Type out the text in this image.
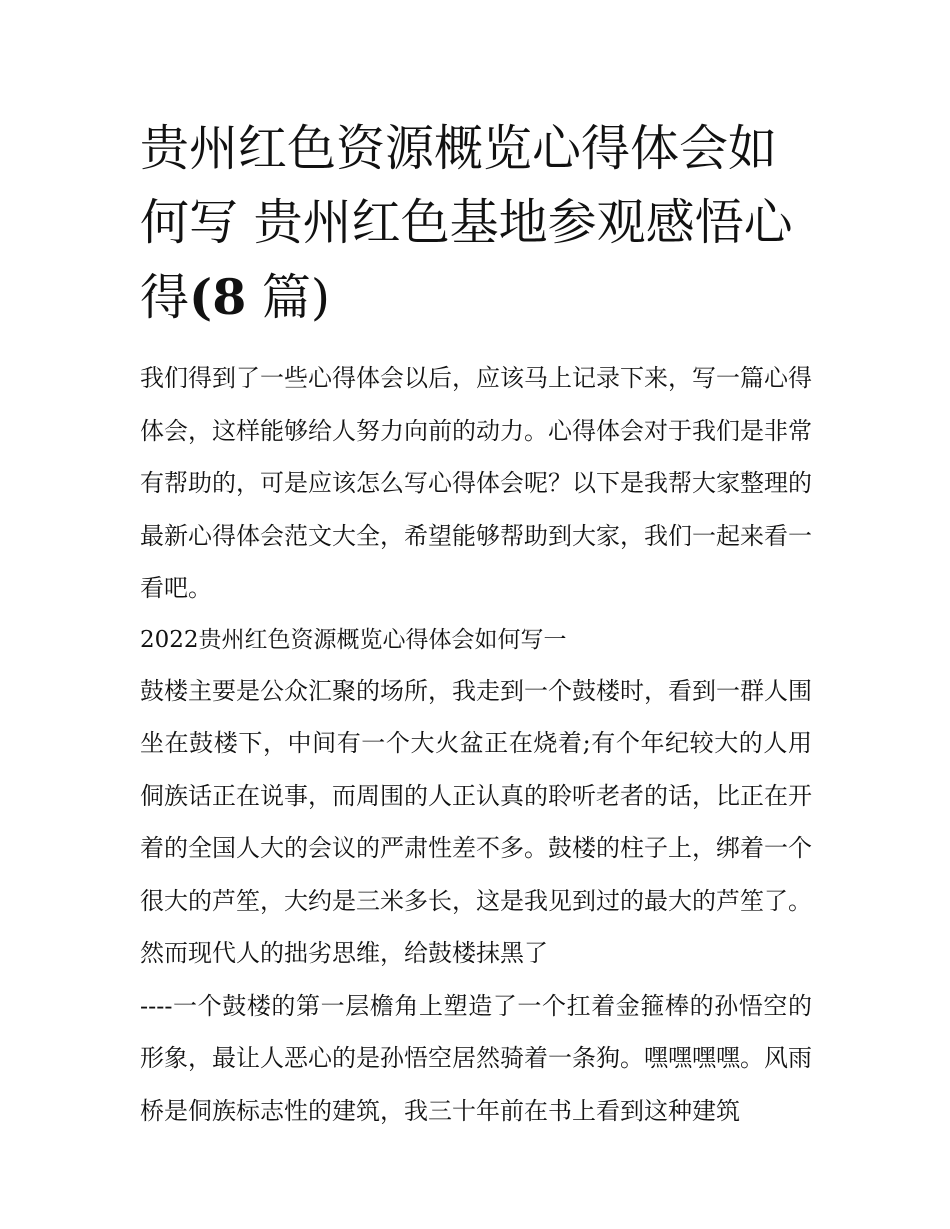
贵州红色资源概览心得体会如何写 贵州红色基地参观感悟心得(8 篇)

我们得到了一些心得体会以后，应该马上记录下来，写一篇心得体会，这样能够给人努力向前的动力。心得体会对于我们是非常有帮助的，可是应该怎么写心得体会呢？以下是我帮大家整理的最新心得体会范文大全，希望能够帮助到大家，我们一起来看一看吧。

2022贵州红色资源概览心得体会如何写一

鼓楼主要是公众汇聚的场所，我走到一个鼓楼时，看到一群人围坐在鼓楼下，中间有一个大火盆正在烧着;有个年纪较大的人用侗族话正在说事，而周围的人正认真的聆听老者的话，比正在开着的全国人大的会议的严肃性差不多。鼓楼的柱子上，绑着一个很大的芦笙，大约是三米多长，这是我见到过的最大的芦笙了。然而现代人的拙劣思维，给鼓楼抹黑了

----一个鼓楼的第一层檐角上塑造了一个扛着金箍棒的孙悟空的形象，最让人恶心的是孙悟空居然骑着一条狗。嘿嘿嘿嘿。风雨桥是侗族标志性的建筑，我三十年前在书上看到这种建筑
